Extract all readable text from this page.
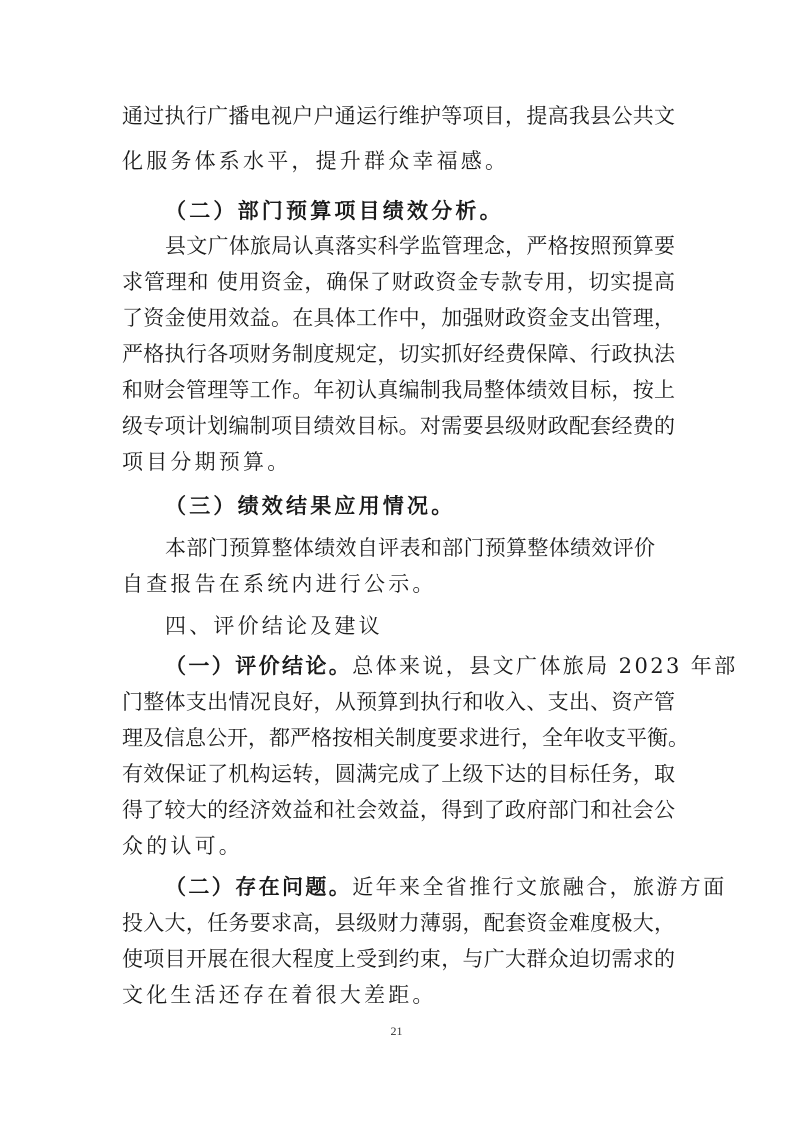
通过执行广播电视户户通运行维护等项目，提高我县公共文
化服务体系水平，提升群众幸福感。
（二）部门预算项目绩效分析。
县文广体旅局认真落实科学监管理念，严格按照预算要
求管理和 使用资金，确保了财政资金专款专用，切实提高
了资金使用效益。在具体工作中，加强财政资金支出管理，
严格执行各项财务制度规定，切实抓好经费保障、行政执法
和财会管理等工作。年初认真编制我局整体绩效目标，按上
级专项计划编制项目绩效目标。对需要县级财政配套经费的
项目分期预算。
（三）绩效结果应用情况。
本部门预算整体绩效自评表和部门预算整体绩效评价
自查报告在系统内进行公示。
四、评价结论及建议
（一）评价结论。总体来说，县文广体旅局 2023 年部
门整体支出情况良好，从预算到执行和收入、支出、资产管
理及信息公开，都严格按相关制度要求进行，全年收支平衡。
有效保证了机构运转，圆满完成了上级下达的目标任务，取
得了较大的经济效益和社会效益，得到了政府部门和社会公
众的认可。
（二）存在问题。近年来全省推行文旅融合，旅游方面
投入大，任务要求高，县级财力薄弱，配套资金难度极大，
使项目开展在很大程度上受到约束，与广大群众迫切需求的
文化生活还存在着很大差距。
21
